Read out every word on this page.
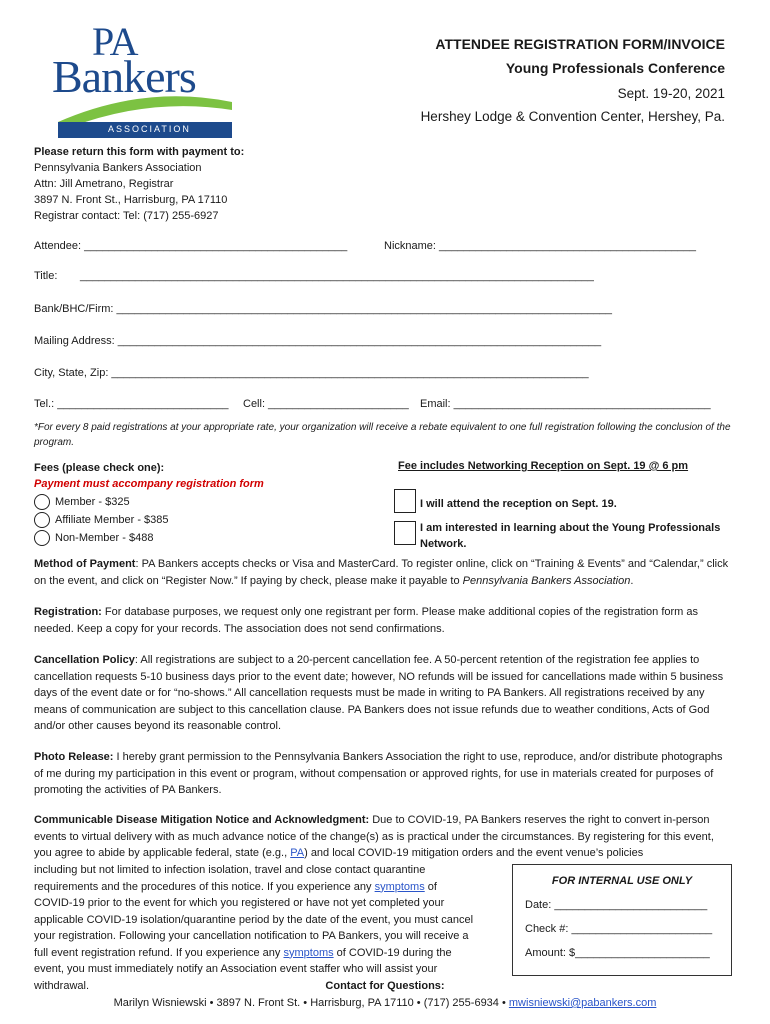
PA
Bankers
ASSOCIATION
ATTENDEE REGISTRATION FORM/INVOICE
Young Professionals Conference
Sept. 19-20, 2021
Hershey Lodge & Convention Center, Hershey, Pa.
Please return this form with payment to:
Pennsylvania Bankers Association
Attn: Jill Ametrano, Registrar
3897 N. Front St., Harrisburg, PA 17110
Registrar contact: Tel: (717) 255-6927
Attendee: ___________________________________________	Nickname: __________________________________________
Title: ____________________________________________________________________________________
Bank/BHC/Firm: _________________________________________________________________________________
Mailing Address: _______________________________________________________________________________
City, State, Zip: ______________________________________________________________________________
Tel.: ____________________________ Cell: _______________________ Email: __________________________________________
*For every 8 paid registrations at your appropriate rate, your organization will receive a rebate equivalent to one full registration following the conclusion of the program.
Fees (please check one):
Payment must accompany registration form
Member - $325
Affiliate Member - $385
Non-Member - $488
Fee includes Networking Reception on Sept. 19 @ 6 pm
I will attend the reception on Sept. 19.
I am interested in learning about the Young Professionals
Network.
Method of Payment: PA Bankers accepts checks or Visa and MasterCard. To register online, click on “Training & Events” and “Calendar,” click on the event, and click on “Register Now.” If paying by check, please make it payable to Pennsylvania Bankers Association.
Registration: For database purposes, we request only one registrant per form. Please make additional copies of the registration form as needed. Keep a copy for your records. The association does not send confirmations.
Cancellation Policy: All registrations are subject to a 20-percent cancellation fee. A 50-percent retention of the registration fee applies to cancellation requests 5-10 business days prior to the event date; however, NO refunds will be issued for cancellations made within 5 business days of the event date or for “no-shows.” All cancellation requests must be made in writing to PA Bankers. All registrations received by any means of communication are subject to this cancellation clause. PA Bankers does not issue refunds due to weather conditions, Acts of God and/or other causes beyond its reasonable control.
Photo Release: I hereby grant permission to the Pennsylvania Bankers Association the right to use, reproduce, and/or distribute photographs of me during my participation in this event or program, without compensation or approved rights, for use in materials created for purposes of promoting the activities of PA Bankers.
Communicable Disease Mitigation Notice and Acknowledgment: Due to COVID-19, PA Bankers reserves the right to convert in-person events to virtual delivery with as much advance notice of the change(s) as is practical under the circumstances. By registering for this event, you agree to abide by applicable federal, state (e.g., PA) and local COVID-19 mitigation orders and the event venue’s policies
including but not limited to infection isolation, travel and close contact quarantine
requirements and the procedures of this notice. If you experience any symptoms of
COVID-19 prior to the event for which you registered or have not yet completed your
applicable COVID-19 isolation/quarantine period by the date of the event, you must cancel
your registration. Following your cancellation notification to PA Bankers, you will receive a
full event registration refund. If you experience any symptoms of COVID-19 during the
event, you must immediately notify an Association event staffer who will assist your
withdrawal.
FOR INTERNAL USE ONLY
Date: _________________________
Check #: _______________________
Amount: $______________________
Contact for Questions:
Marilyn Wisniewski • 3897 N. Front St. • Harrisburg, PA 17110 • (717) 255-6934 • mwisniewski@pabankers.com
